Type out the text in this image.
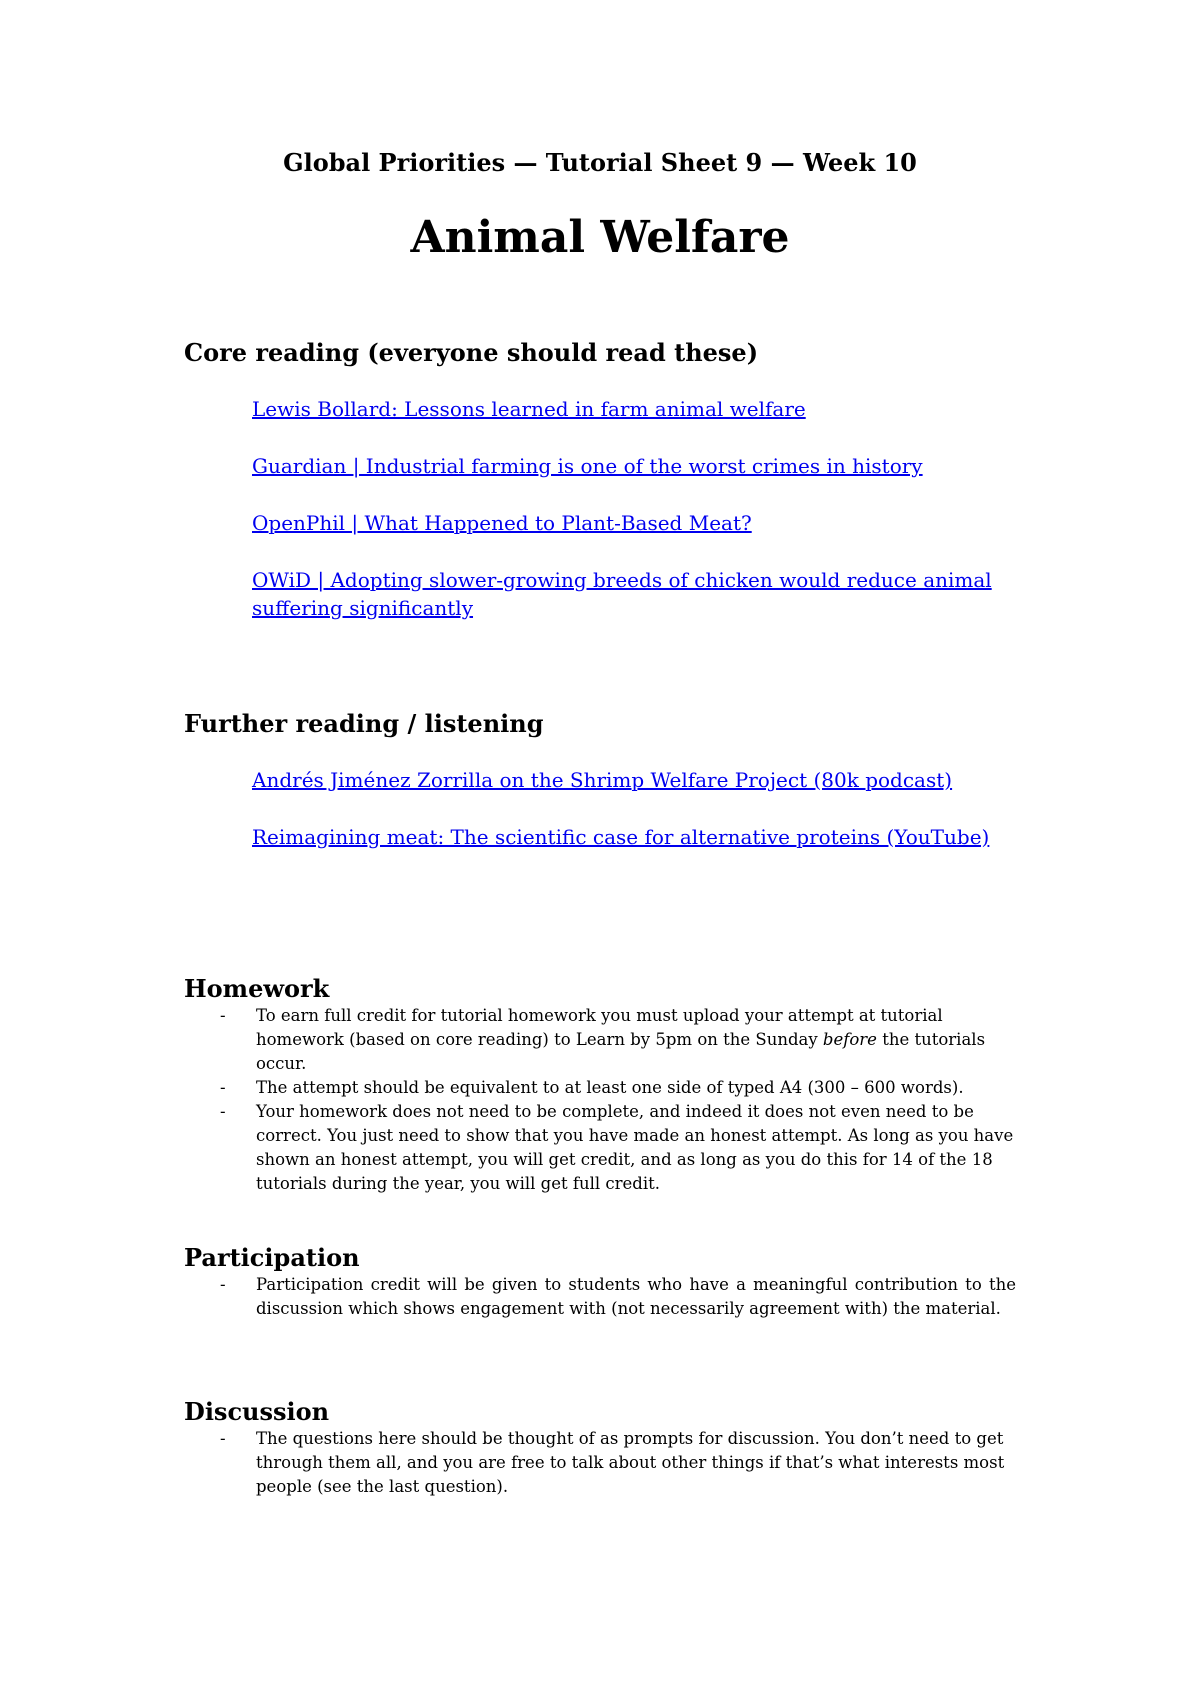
Global Priorities — Tutorial Sheet 9 — Week 10
Animal Welfare
Core reading (everyone should read these)
Lewis Bollard: Lessons learned in farm animal welfare
Guardian | Industrial farming is one of the worst crimes in history
OpenPhil | What Happened to Plant-Based Meat?
OWiD | Adopting slower-growing breeds of chicken would reduce animal suffering significantly
Further reading / listening
Andrés Jiménez Zorrilla on the Shrimp Welfare Project (80k podcast)
Reimagining meat: The scientific case for alternative proteins (YouTube)
Homework
- To earn full credit for tutorial homework you must upload your attempt at tutorial homework (based on core reading) to Learn by 5pm on the Sunday before the tutorials occur.
- The attempt should be equivalent to at least one side of typed A4 (300 – 600 words).
- Your homework does not need to be complete, and indeed it does not even need to be correct. You just need to show that you have made an honest attempt. As long as you have shown an honest attempt, you will get credit, and as long as you do this for 14 of the 18 tutorials during the year, you will get full credit.
Participation
- Participation credit will be given to students who have a meaningful contribution to the discussion which shows engagement with (not necessarily agreement with) the material.
Discussion
- The questions here should be thought of as prompts for discussion. You don’t need to get through them all, and you are free to talk about other things if that’s what interests most people (see the last question).
